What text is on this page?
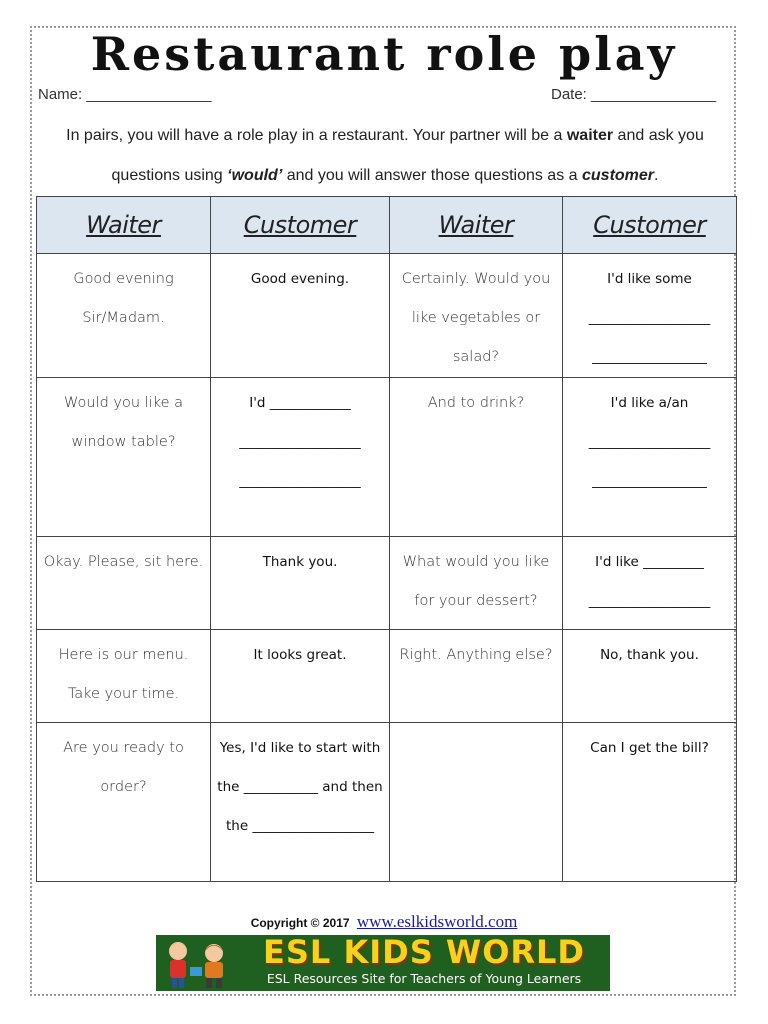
Restaurant role play
Name: _______________	Date: _______________
In pairs, you will have a role play in a restaurant. Your partner will be a waiter and ask you questions using ‘would’ and you will answer those questions as a customer.
Waiter	Customer	Waiter	Customer

Good evening Sir/Madam.	Good evening.	Certainly. Would you like vegetables or salad?	I'd like some __________________ _________________

Would you like a window table?	I'd ____________ __________________ __________________	And to drink?	I'd like a/an __________________ _________________

Okay. Please, sit here.	Thank you.	What would you like for your dessert?	I'd like _________ __________________

Here is our menu. Take your time.	It looks great.	Right. Anything else?	No, thank you.

Are you ready to order?	Yes, I'd like to start with the ___________ and then the __________________		Can I get the bill?
Copyright © 2017 www.eslkidsworld.com
ESL KIDS WORLD
ESL Resources Site for Teachers of Young Learners
